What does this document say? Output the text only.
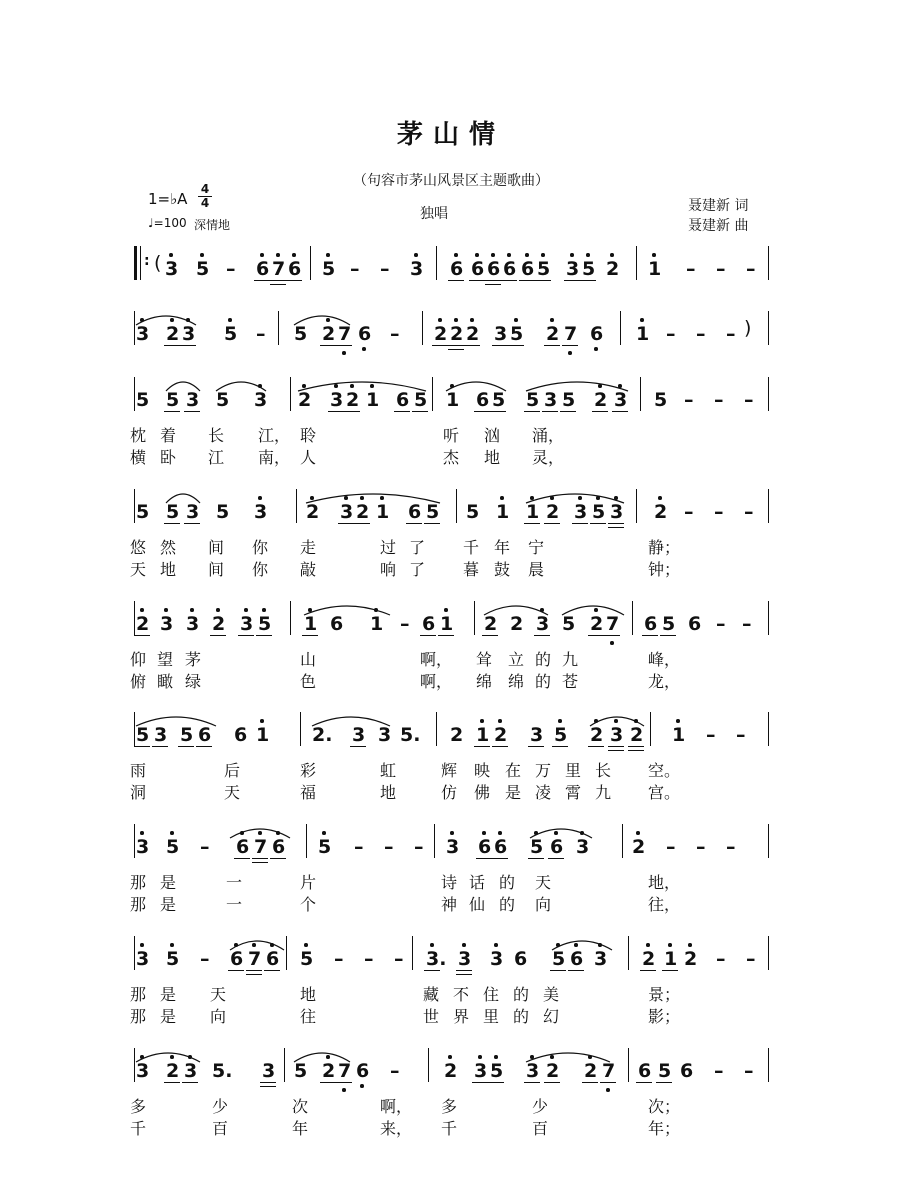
茅山情
（句容市茅山风景区主题歌曲）
1=♭A
4
4
♩=100 深情地
独唱	聂建新 词
聂建新 曲
: ( 3 5 – 6 7 6 5 – – 3 6 6 6 6 6 5 3 5 2 1 – – –
)
3 2 3 5 – 5 2 7 6 – 2 2 2 3 5 2 7 6 1 – – –
5 5 3 5 3 2 3 2 1 6 5 1 6 5 5 3 5 2 3 5 – – –
枕 着 长 江， 聆	听 汹 涌，
横 卧 江 南， 人	杰 地 灵，
5 5 3 5 3 2 3 2 1 6 5 5 1 1 2 3 5 3 2 – – –
悠 然 间 你 走	过 了 千 年 宁	静；
天 地 间 你 敲	响 了 暮 鼓 晨	钟；
2 3 3 2 3 5 1 6 1 – 6 1 2 2 3 5 2 7 6 5 6 – –
仰 望 茅	山	啊， 耸 立 的 九	峰，
俯 瞰 绿	色	啊， 绵 绵 的 苍	龙，
5 3 5 6 6 1 2. 3 3 5. 2 1 2 3 5 2 3 2 1 – –
雨	后	彩	虹	辉 映 在 万 里 长 空。
洞	天	福	地	仿 佛 是 凌 霄 九 宫。
3 5 – 6 7 6 5 – – – 3 6 6 5 6 3 2 – – –
那 是	一	片	诗 话 的 天	地，
那 是	一	个	神 仙 的 向	往，
3 5 – 6 7 6 5 – – – 3. 3 3 6 5 6 3 2 1 2 – –
那 是 天	地	藏 不 住 的 美	景；
那 是 向	往	世 界 里 的 幻	影；
3 2 3 5. 3 5 2 7 6 – 2 3 5 3 2 2 7 6 5 6 – –
多	少	次	啊， 多	少	次；
千	百	年	来， 千	百	年；
